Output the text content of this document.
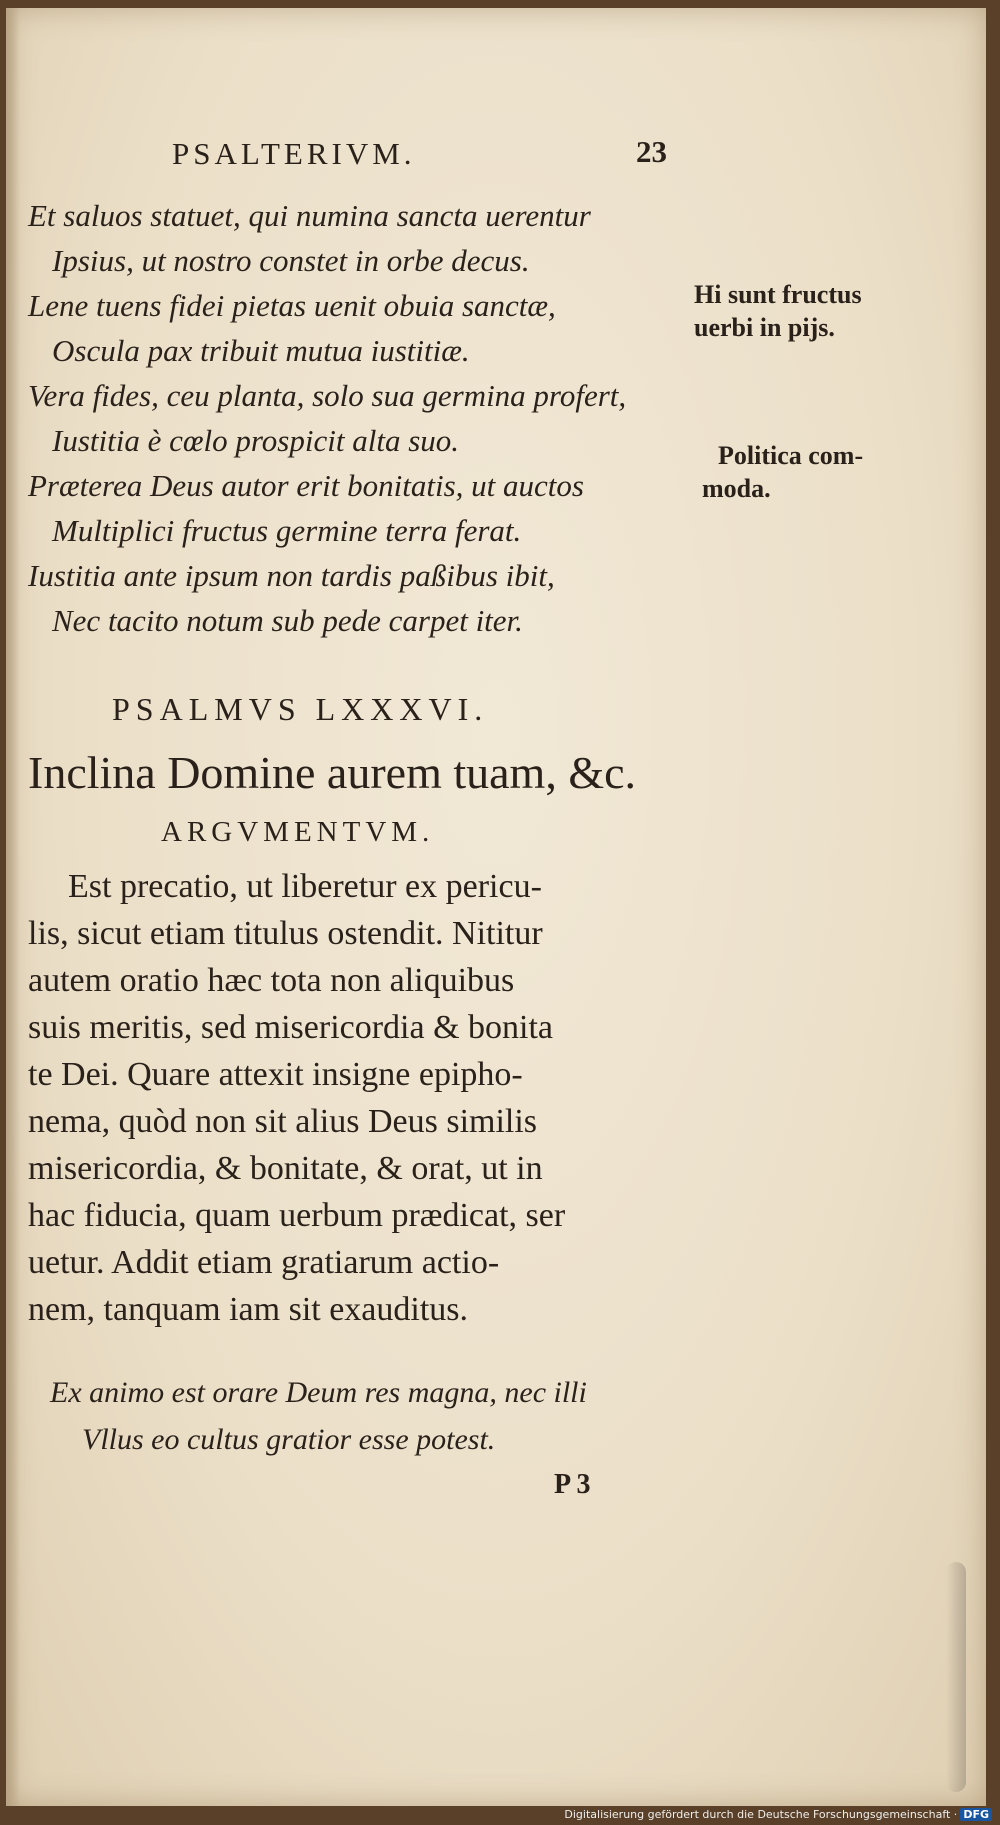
PSALTERIVM.	23
Et saluos statuet, qui numina sancta uerentur
Ipsius, ut nostro constet in orbe decus.
Lene tuens fidei pietas uenit obuia sanctæ,
Oscula pax tribuit mutua iustitiæ.
Vera fides, ceu planta, solo sua germina profert,
Iustitia è cœlo prospicit alta suo.
Præterea Deus autor erit bonitatis, ut auctos
Multiplici fructus germine terra ferat.
Iustitia ante ipsum non tardis paßibus ibit,
Nec tacito notum sub pede carpet iter.
Hi sunt fructus
uerbi in pijs.
Politica com-
moda.
PSALMVS LXXXVI.
Inclina Domine aurem tuam, &c.
ARGVMENTVM.
Est precatio, ut liberetur ex pericu-
lis, sicut etiam titulus ostendit. Nititur
autem oratio hæc tota non aliquibus
suis meritis, sed misericordia & bonita
te Dei. Quare attexit insigne epipho-
nema, quòd non sit alius Deus similis
misericordia, & bonitate, & orat, ut in
hac fiducia, quam uerbum prædicat, ser
uetur. Addit etiam gratiarum actio-
nem, tanquam iam sit exauditus.
Ex animo est orare Deum res magna, nec illi
Vllus eo cultus gratior esse potest.
P 3
Digitalisierung gefördert durch die Deutsche Forschungsgemeinschaft · DFG
